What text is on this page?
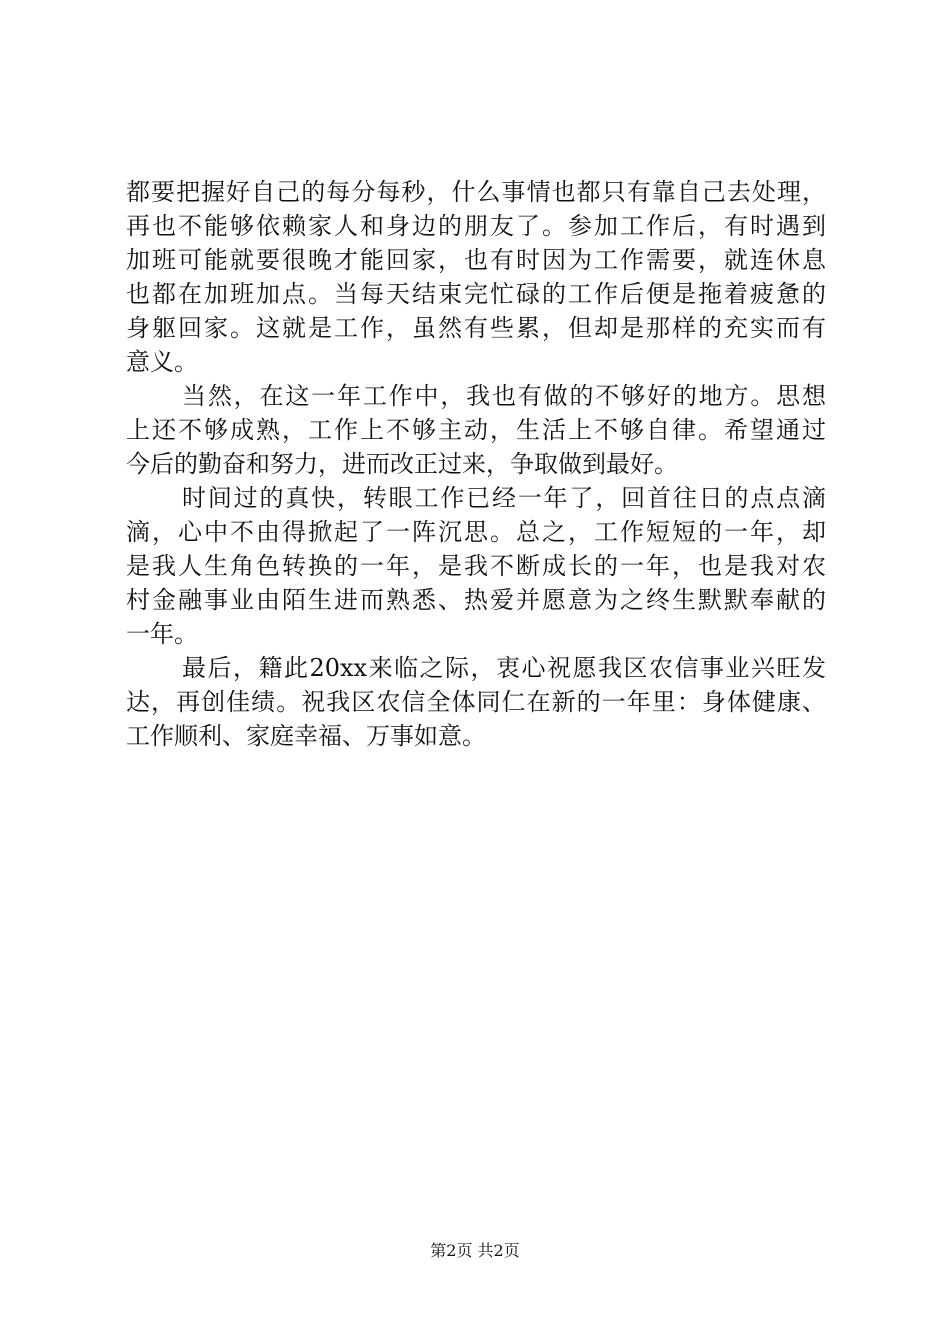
都要把握好自己的每分每秒，什么事情也都只有靠自己去处理，
再也不能够依赖家人和身边的朋友了。参加工作后，有时遇到
加班可能就要很晚才能回家，也有时因为工作需要，就连休息
也都在加班加点。当每天结束完忙碌的工作后便是拖着疲惫的
身躯回家。这就是工作，虽然有些累，但却是那样的充实而有
意义。
当然，在这一年工作中，我也有做的不够好的地方。思想
上还不够成熟，工作上不够主动，生活上不够自律。希望通过
今后的勤奋和努力，进而改正过来，争取做到最好。
时间过的真快，转眼工作已经一年了，回首往日的点点滴
滴，心中不由得掀起了一阵沉思。总之，工作短短的一年，却
是我人生角色转换的一年，是我不断成长的一年，也是我对农
村金融事业由陌生进而熟悉、热爱并愿意为之终生默默奉献的
一年。
最后，籍此20xx来临之际，衷心祝愿我区农信事业兴旺发
达，再创佳绩。祝我区农信全体同仁在新的一年里：身体健康、
工作顺利、家庭幸福、万事如意。
第2页 共2页
